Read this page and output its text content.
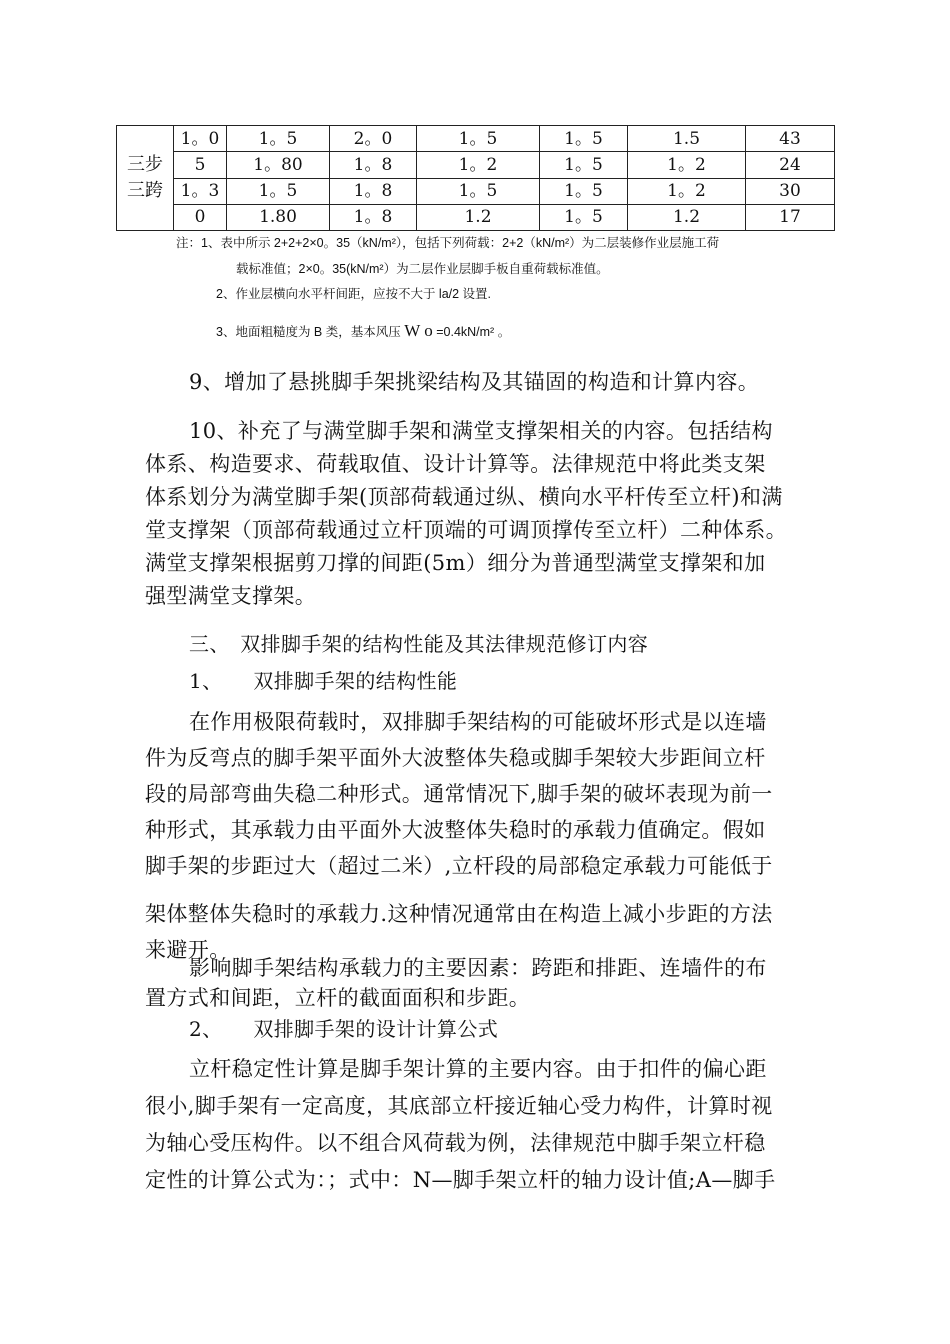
三步
三跨	1。0	1。5	2。0	1。5	1。5	1.5	43
	5	1。80	1。8	1。2	1。5	1。2	24
	1。3	1。5	1。8	1。5	1。5	1。2	30
	0	1.80	1。8	1.2	1。5	1.2	17
注：1、表中所示 2+2+2×0。35（kN/m²），包括下列荷载：2+2（kN/m²）为二层装修作业层施工荷
载标准值；2×0。35(kN/m²）为二层作业层脚手板自重荷载标准值。
2、作业层横向水平杆间距，应按不大于 la/2 设置.
3、地面粗糙度为 B 类，基本风压 W o =0.4kN/m² 。
9、增加了悬挑脚手架挑梁结构及其锚固的构造和计算内容。
10、补充了与满堂脚手架和满堂支撑架相关的内容。包括结构
体系、构造要求、荷载取值、设计计算等。法律规范中将此类支架
体系划分为满堂脚手架(顶部荷载通过纵、横向水平杆传至立杆)和满
堂支撑架（顶部荷载通过立杆顶端的可调顶撑传至立杆）二种体系。
满堂支撑架根据剪刀撑的间距(5m）细分为普通型满堂支撑架和加
强型满堂支撑架。
三、　双排脚手架的结构性能及其法律规范修订内容
1、　　双排脚手架的结构性能
在作用极限荷载时，双排脚手架结构的可能破坏形式是以连墙
件为反弯点的脚手架平面外大波整体失稳或脚手架较大步距间立杆
段的局部弯曲失稳二种形式。通常情况下,脚手架的破坏表现为前一
种形式，其承载力由平面外大波整体失稳时的承载力值确定。假如
脚手架的步距过大（超过二米）,立杆段的局部稳定承载力可能低于
架体整体失稳时的承载力.这种情况通常由在构造上减小步距的方法
来避开。
影响脚手架结构承载力的主要因素：跨距和排距、连墙件的布
置方式和间距，立杆的截面面积和步距。
2、　　双排脚手架的设计计算公式
立杆稳定性计算是脚手架计算的主要内容。由于扣件的偏心距
很小,脚手架有一定高度，其底部立杆接近轴心受力构件，计算时视
为轴心受压构件。以不组合风荷载为例，法律规范中脚手架立杆稳
定性的计算公式为：；式中：N—脚手架立杆的轴力设计值;A—脚手
